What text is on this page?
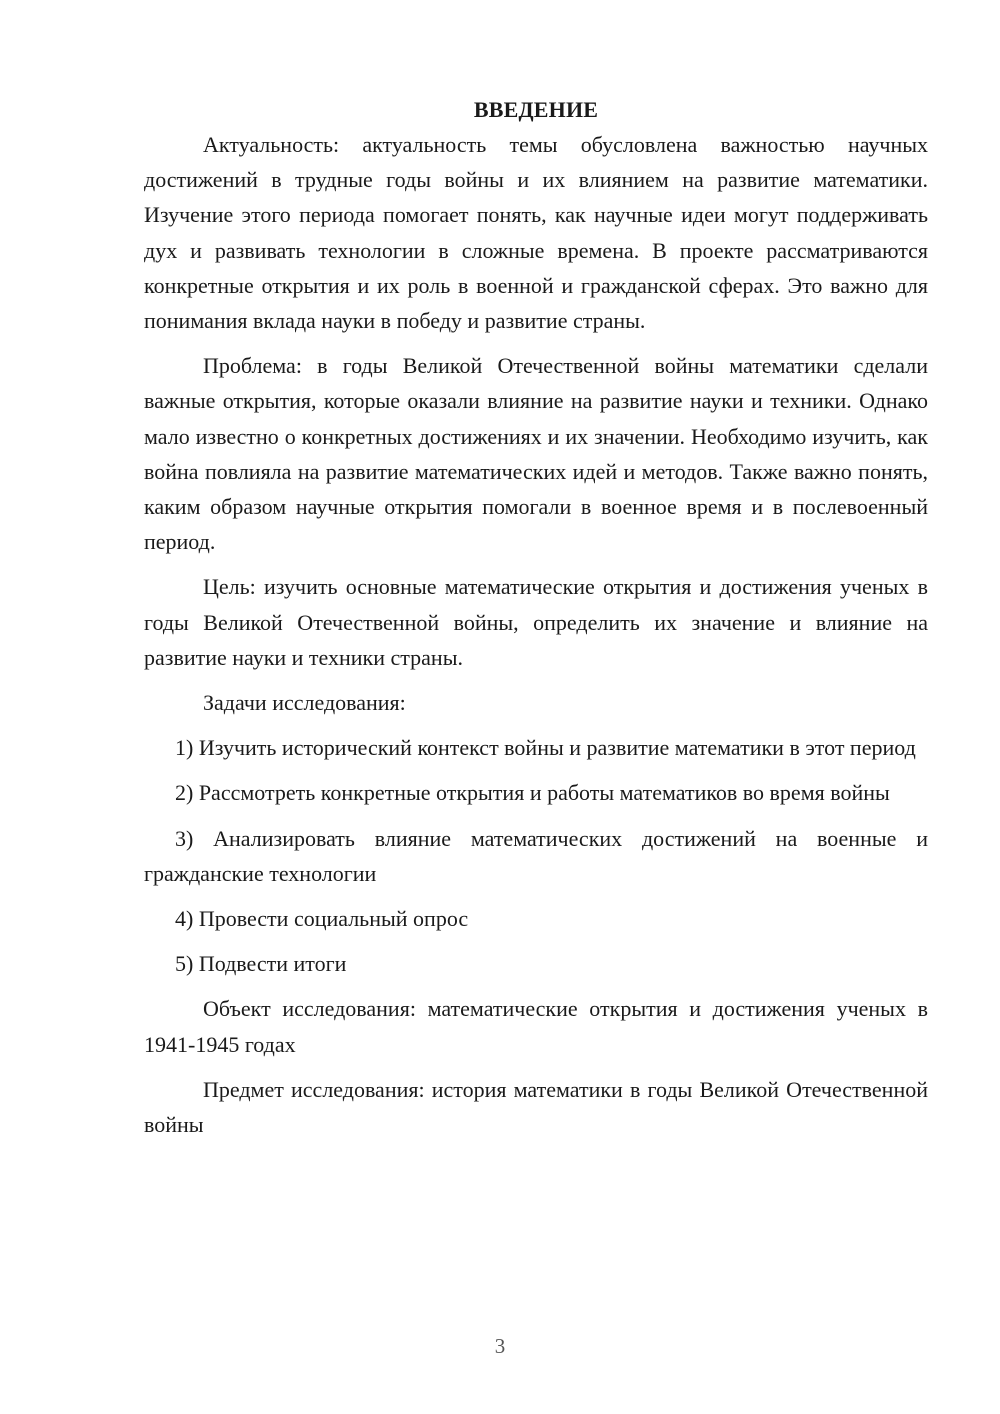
ВВЕДЕНИЕ

Актуальность: актуальность темы обусловлена важностью научных достижений в трудные годы войны и их влиянием на развитие математики. Изучение этого периода помогает понять, как научные идеи могут поддерживать дух и развивать технологии в сложные времена. В проекте рассматриваются конкретные открытия и их роль в военной и гражданской сферах. Это важно для понимания вклада науки в победу и развитие страны.

Проблема: в годы Великой Отечественной войны математики сделали важные открытия, которые оказали влияние на развитие науки и техники. Однако мало известно о конкретных достижениях и их значении. Необходимо изучить, как война повлияла на развитие математических идей и методов. Также важно понять, каким образом научные открытия помогали в военное время и в послевоенный период.

Цель: изучить основные математические открытия и достижения ученых в годы Великой Отечественной войны, определить их значение и влияние на развитие науки и техники страны.

Задачи исследования:

1) Изучить исторический контекст войны и развитие математики в этот период

2) Рассмотреть конкретные открытия и работы математиков во время войны

3) Анализировать влияние математических достижений на военные и гражданские технологии

4) Провести социальный опрос

5) Подвести итоги

Объект исследования: математические открытия и достижения ученых в 1941-1945 годах

Предмет исследования: история математики в годы Великой Отечественной войны

3
